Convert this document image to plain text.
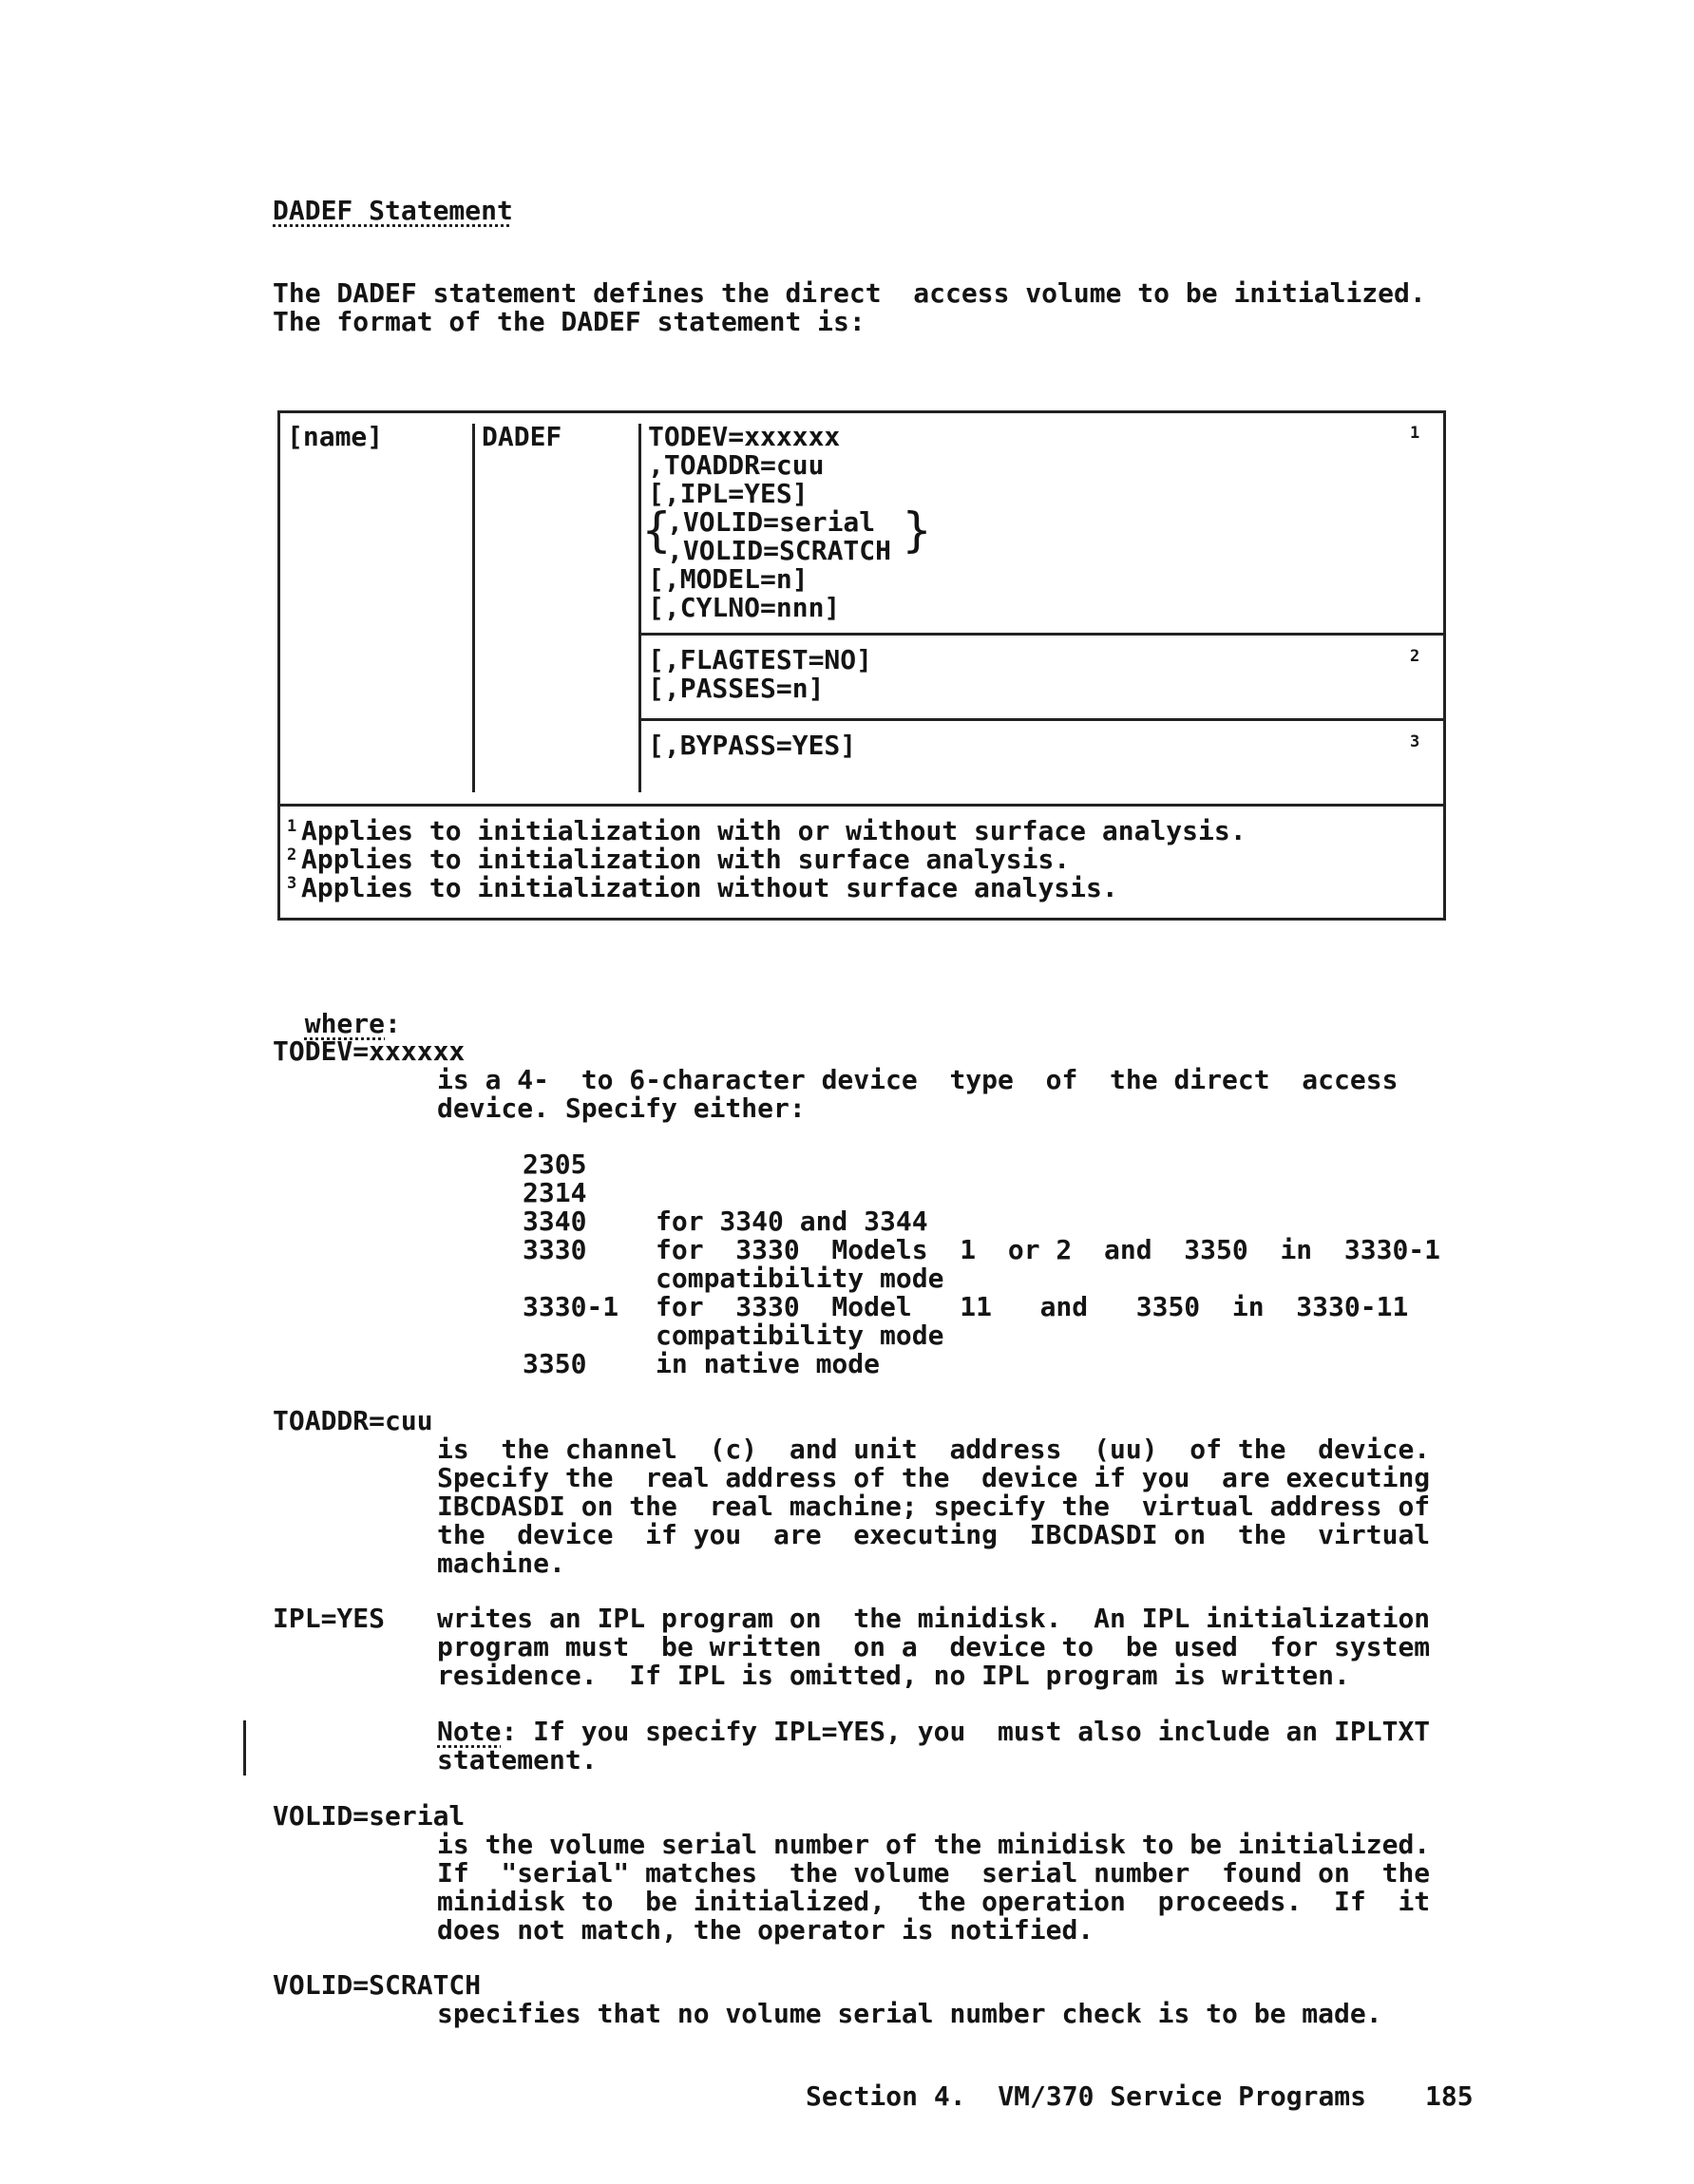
DADEF Statement
The DADEF statement defines the direct  access volume to be initialized.
The format of the DADEF statement is:
[name]	DADEF	TODEV=xxxxxx
,TOADDR=cuu
[,IPL=YES]
{
,VOLID=serial
,VOLID=SCRATCH }
[,MODEL=n]
[,CYLNO=nnn]
1
[,FLAGTEST=NO]
[,PASSES=n]
2
[,BYPASS=YES]	3
1 Applies to initialization with or without surface analysis.
2 Applies to initialization with surface analysis.
3 Applies to initialization without surface analysis.

where:

TODEV=xxxxxx
is a 4-  to 6-character device  type  of  the direct  access
device. Specify either:
2305
2314
3340	for 3340 and 3344
3330	for  3330  Models  1  or 2  and  3350  in  3330-1
compatibility mode
3330-1 for  3330  Model   11   and   3350  in  3330-11
compatibility mode
3350	in native mode
TOADDR=cuu
is  the channel  (c)  and unit  address  (uu)  of the  device.
Specify the  real address of the  device if you  are executing
IBCDASDI on the  real machine; specify the  virtual address of
the  device  if you  are  executing  IBCDASDI on  the  virtual
machine.
IPL=YES writes an IPL program on  the minidisk.  An IPL initialization
program must  be written  on a  device to  be used  for system
residence.  If IPL is omitted, no IPL program is written.
Note: If you specify IPL=YES, you  must also include an IPLTXT
statement.
VOLID=serial
is the volume serial number of the minidisk to be initialized.
If  "serial" matches  the volume  serial number  found on  the
minidisk to  be initialized,  the operation  proceeds.  If  it
does not match, the operator is notified.
VOLID=SCRATCH
specifies that no volume serial number check is to be made.
Section 4.  VM/370 Service Programs 185
